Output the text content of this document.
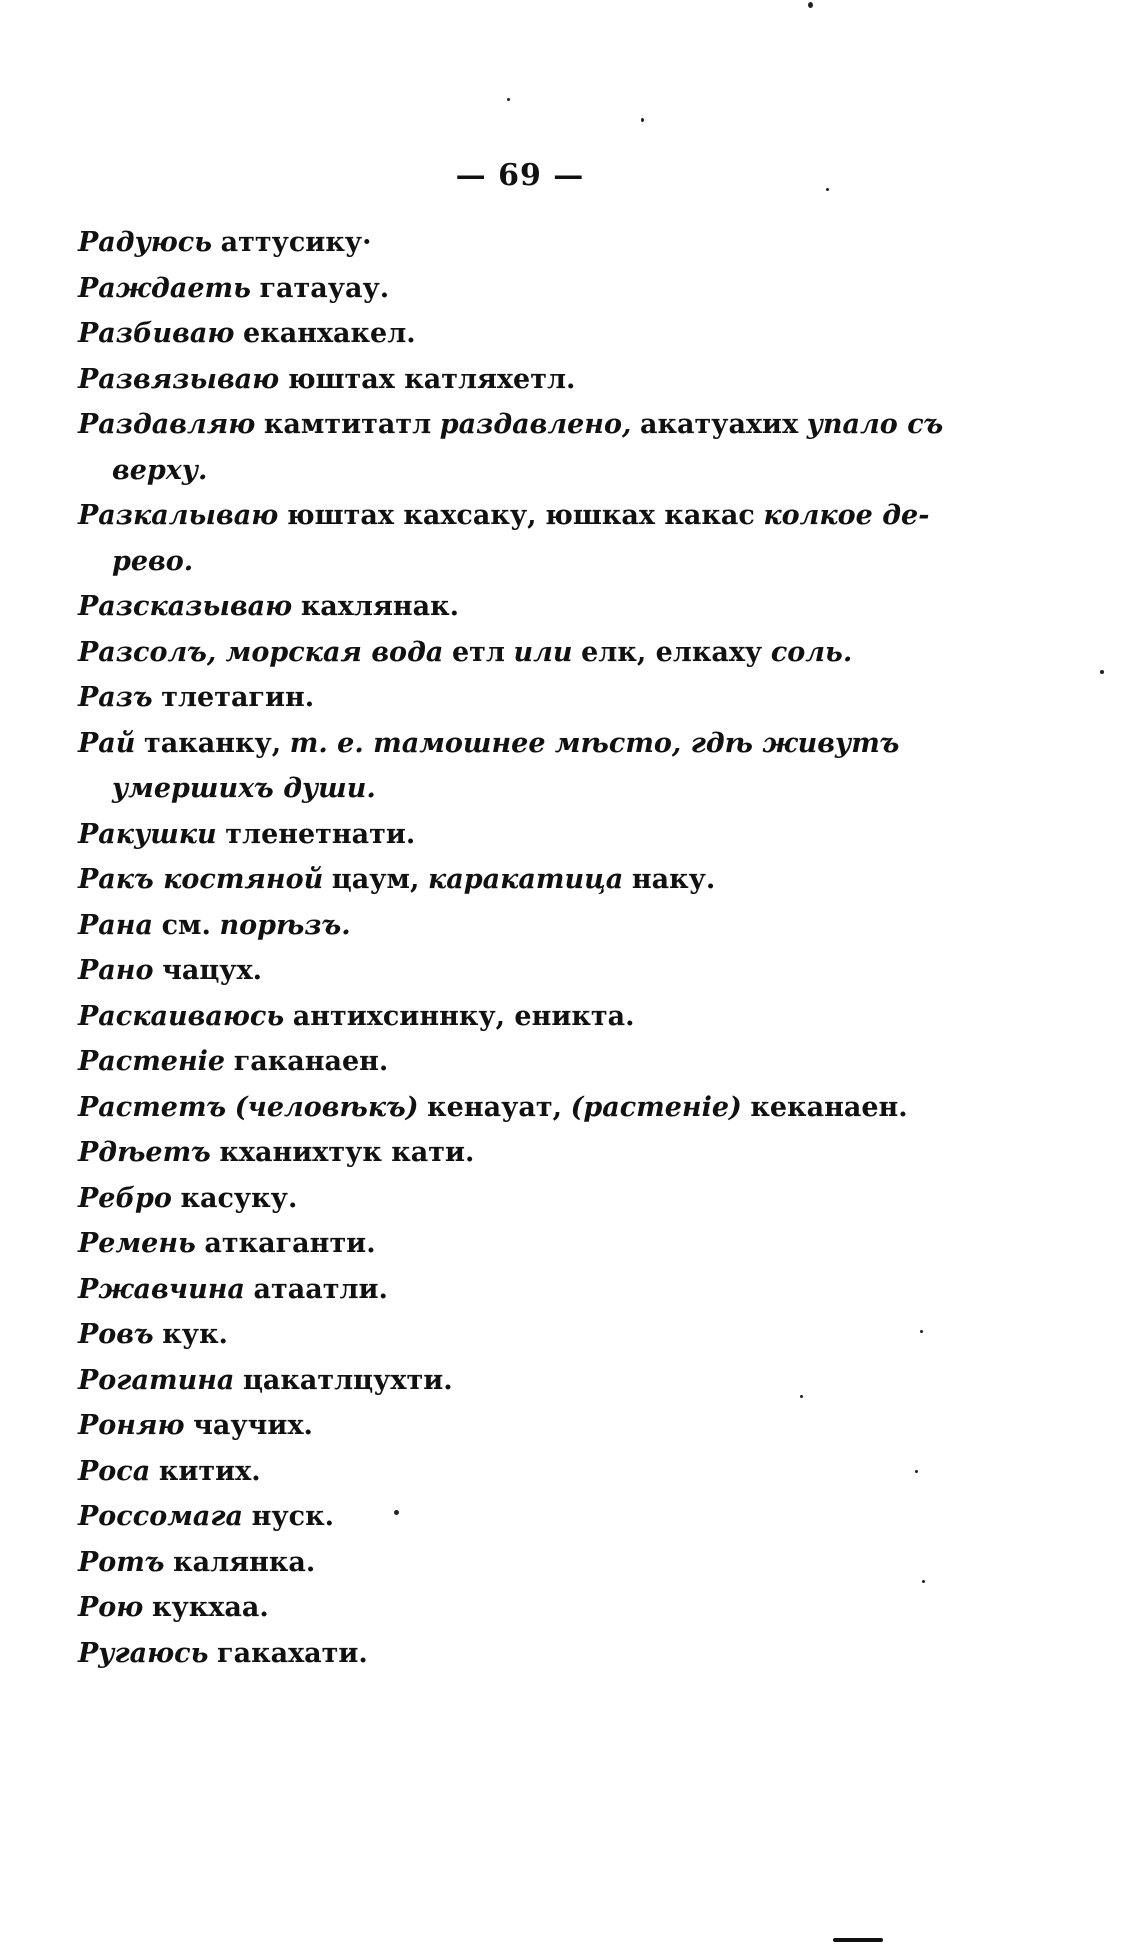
— 69 —
Радуюсь аттусику·
Раждаеть гатауау.
Разбиваю еканхакел.
Развязываю юштах катляхетл.
Раздавляю камтитатл раздавлено, акатуахих упало съ
верху.
Разкалываю юштах кахсаку, юшках какас колкое де-
рево.
Разсказываю кахлянак.
Разсолъ, морская вода етл или елк, елкаху соль.
Разъ тлетагин.
Рай таканку, т. е. тамошнее мѣсто, гдѣ живутъ
умершихъ души.
Ракушки тленетнати.
Ракъ костяной цаум, каракатица наку.
Рана см. порѣзъ.
Рано чацух.
Раскаиваюсь антихсиннку, еникта.
Растеніе гаканаен.
Растетъ (человѣкъ) кенауат, (растеніе) кеканаен.
Рдѣетъ кханихтук кати.
Ребро касуку.
Ремень аткаганти.
Ржавчина атаатли.
Ровъ кук.
Рогатина цакатлцухти.
Роняю чаучих.
Роса китих.
Россомага нуск.
Ротъ калянка.
Рою кукхаа.
Ругаюсь гакахати.
